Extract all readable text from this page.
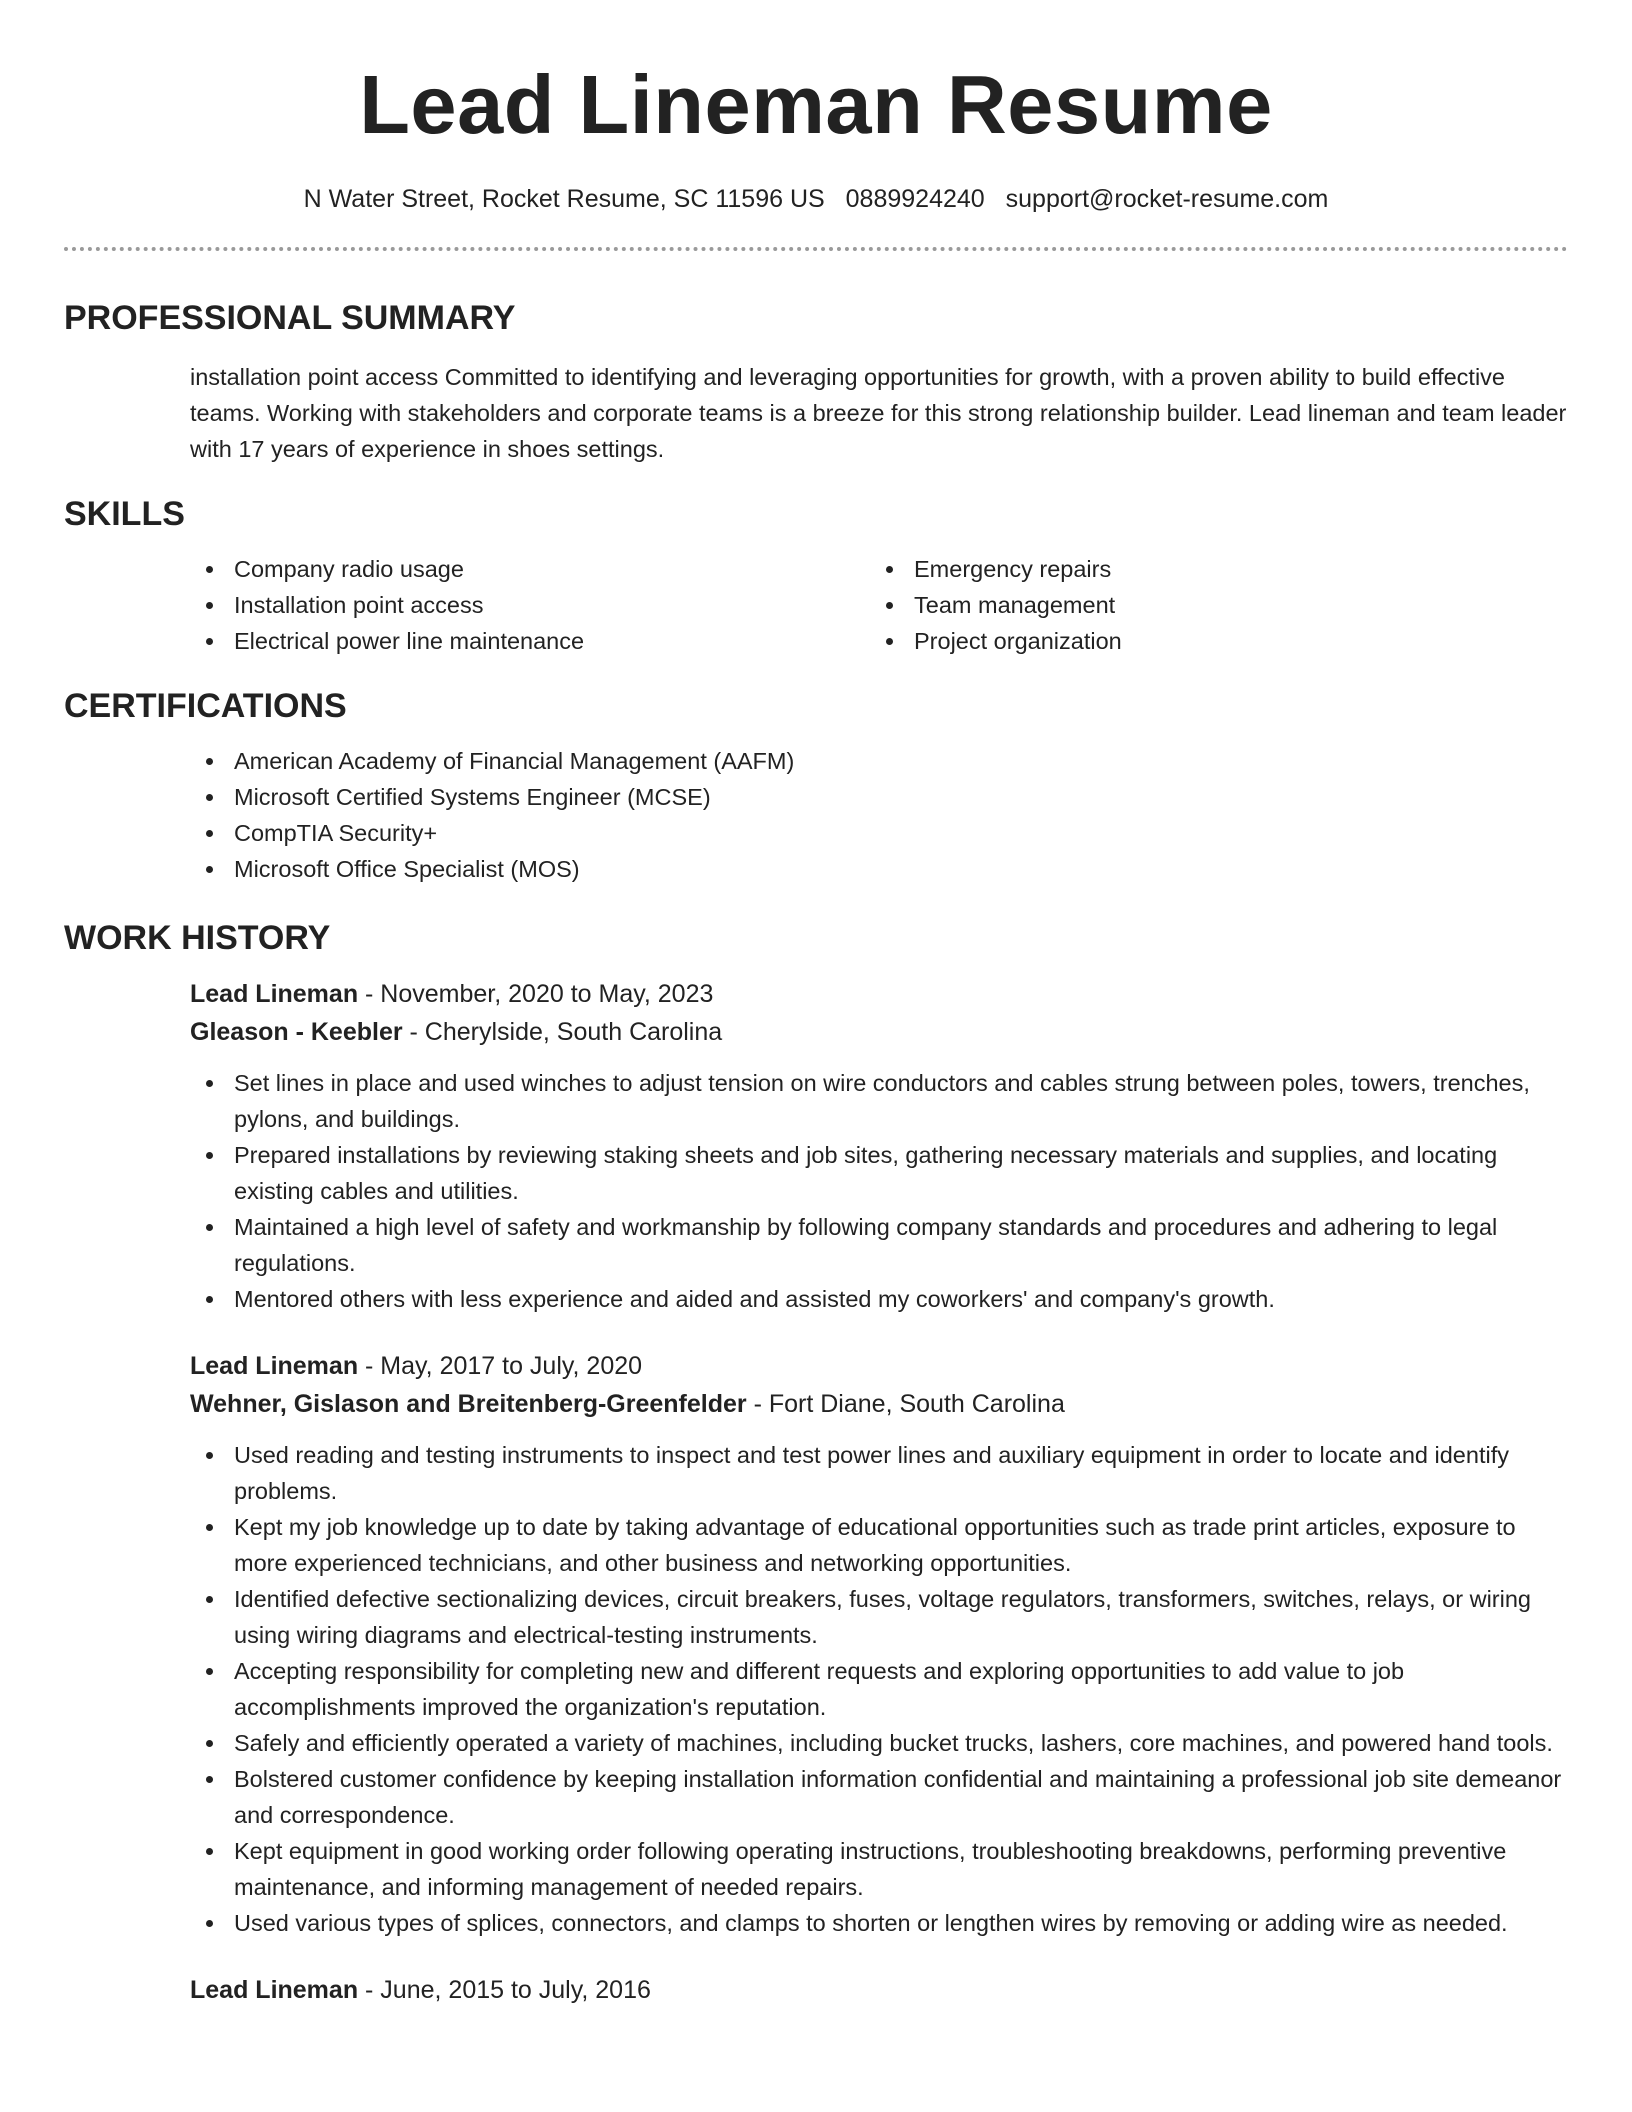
Lead Lineman Resume
N Water Street, Rocket Resume, SC 11596 US 0889924240 support@rocket-resume.com
PROFESSIONAL SUMMARY

installation point access Committed to identifying and leveraging opportunities for growth, with a proven ability to build effective teams. Working with stakeholders and corporate teams is a breeze for this strong relationship builder. Lead lineman and team leader with 17 years of experience in shoes settings.

SKILLS
Company radio usage
Installation point access
Electrical power line maintenance
Emergency repairs
Team management
Project organization
CERTIFICATIONS
American Academy of Financial Management (AAFM)
Microsoft Certified Systems Engineer (MCSE)
CompTIA Security+
Microsoft Office Specialist (MOS)
WORK HISTORY
Lead Lineman - November, 2020 to May, 2023
Gleason - Keebler - Cherylside, South Carolina
Set lines in place and used winches to adjust tension on wire conductors and cables strung between poles, towers, trenches, pylons, and buildings.
Prepared installations by reviewing staking sheets and job sites, gathering necessary materials and supplies, and locating existing cables and utilities.
Maintained a high level of safety and workmanship by following company standards and procedures and adhering to legal regulations.
Mentored others with less experience and aided and assisted my coworkers' and company's growth.
Lead Lineman - May, 2017 to July, 2020
Wehner, Gislason and Breitenberg-Greenfelder - Fort Diane, South Carolina
Used reading and testing instruments to inspect and test power lines and auxiliary equipment in order to locate and identify problems.
Kept my job knowledge up to date by taking advantage of educational opportunities such as trade print articles, exposure to more experienced technicians, and other business and networking opportunities.
Identified defective sectionalizing devices, circuit breakers, fuses, voltage regulators, transformers, switches, relays, or wiring using wiring diagrams and electrical-testing instruments.
Accepting responsibility for completing new and different requests and exploring opportunities to add value to job accomplishments improved the organization's reputation.
Safely and efficiently operated a variety of machines, including bucket trucks, lashers, core machines, and powered hand tools.
Bolstered customer confidence by keeping installation information confidential and maintaining a professional job site demeanor and correspondence.
Kept equipment in good working order following operating instructions, troubleshooting breakdowns, performing preventive maintenance, and informing management of needed repairs.
Used various types of splices, connectors, and clamps to shorten or lengthen wires by removing or adding wire as needed.
Lead Lineman - June, 2015 to July, 2016
